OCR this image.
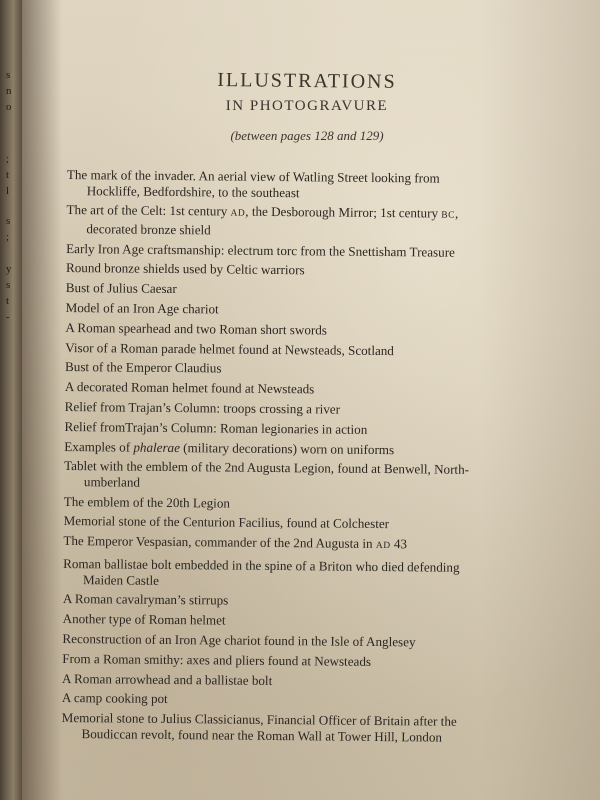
s
n
o
;
t
l
s
;
y
s
t
-
ILLUSTRATIONS
IN PHOTOGRAVURE
(between pages 128 and 129)
The mark of the invader. An aerial view of Watling Street looking from
Hockliffe, Bedfordshire, to the southeast
The art of the Celt: 1st century AD, the Desborough Mirror; 1st century BC,
decorated bronze shield
Early Iron Age craftsmanship: electrum torc from the Snettisham Treasure
Round bronze shields used by Celtic warriors
Bust of Julius Caesar
Model of an Iron Age chariot
A Roman spearhead and two Roman short swords
Visor of a Roman parade helmet found at Newsteads, Scotland
Bust of the Emperor Claudius
A decorated Roman helmet found at Newsteads
Relief from Trajan’s Column: troops crossing a river
Relief fromTrajan’s Column: Roman legionaries in action
Examples of phalerae (military decorations) worn on uniforms
Tablet with the emblem of the 2nd Augusta Legion, found at Benwell, North-
umberland
The emblem of the 20th Legion
Memorial stone of the Centurion Facilius, found at Colchester
The Emperor Vespasian, commander of the 2nd Augusta in AD 43
Roman ballistae bolt embedded in the spine of a Briton who died defending
Maiden Castle
A Roman cavalryman’s stirrups
Another type of Roman helmet
Reconstruction of an Iron Age chariot found in the Isle of Anglesey
From a Roman smithy: axes and pliers found at Newsteads
A Roman arrowhead and a ballistae bolt
A camp cooking pot
Memorial stone to Julius Classicianus, Financial Officer of Britain after the
Boudiccan revolt, found near the Roman Wall at Tower Hill, London
